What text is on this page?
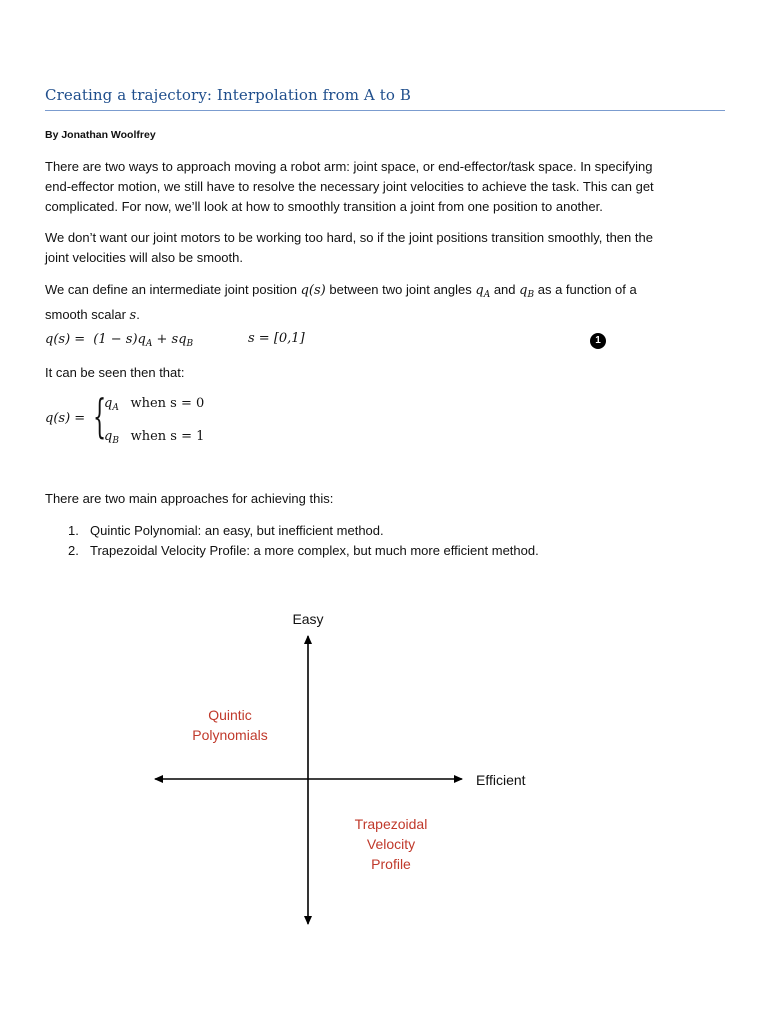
Creating a trajectory: Interpolation from A to B
By Jonathan Woolfrey
There are two ways to approach moving a robot arm: joint space, or end-effector/task space. In specifying
end-effector motion, we still have to resolve the necessary joint velocities to achieve the task. This can get
complicated. For now, we’ll look at how to smoothly transition a joint from one position to another.
We don’t want our joint motors to be working too hard, so if the joint positions transition smoothly, then the
joint velocities will also be smooth.
We can define an intermediate joint position q(s) between two joint angles $q_A$ and $q_B$ as a function of a
smooth scalar s.
$q(s) = (1 - s)q_A + sq_B$	s = [0,1]	1
It can be seen then that:
q(s) = {
$q_A$ when s = 0
$q_B$ when s = 1
There are two main approaches for achieving this:
1. Quintic Polynomial: an easy, but inefficient method.
2. Trapezoidal Velocity Profile: a more complex, but much more efficient method.
Easy
Efficient
Quintic
Polynomials
Trapezoidal
Velocity
Profile
